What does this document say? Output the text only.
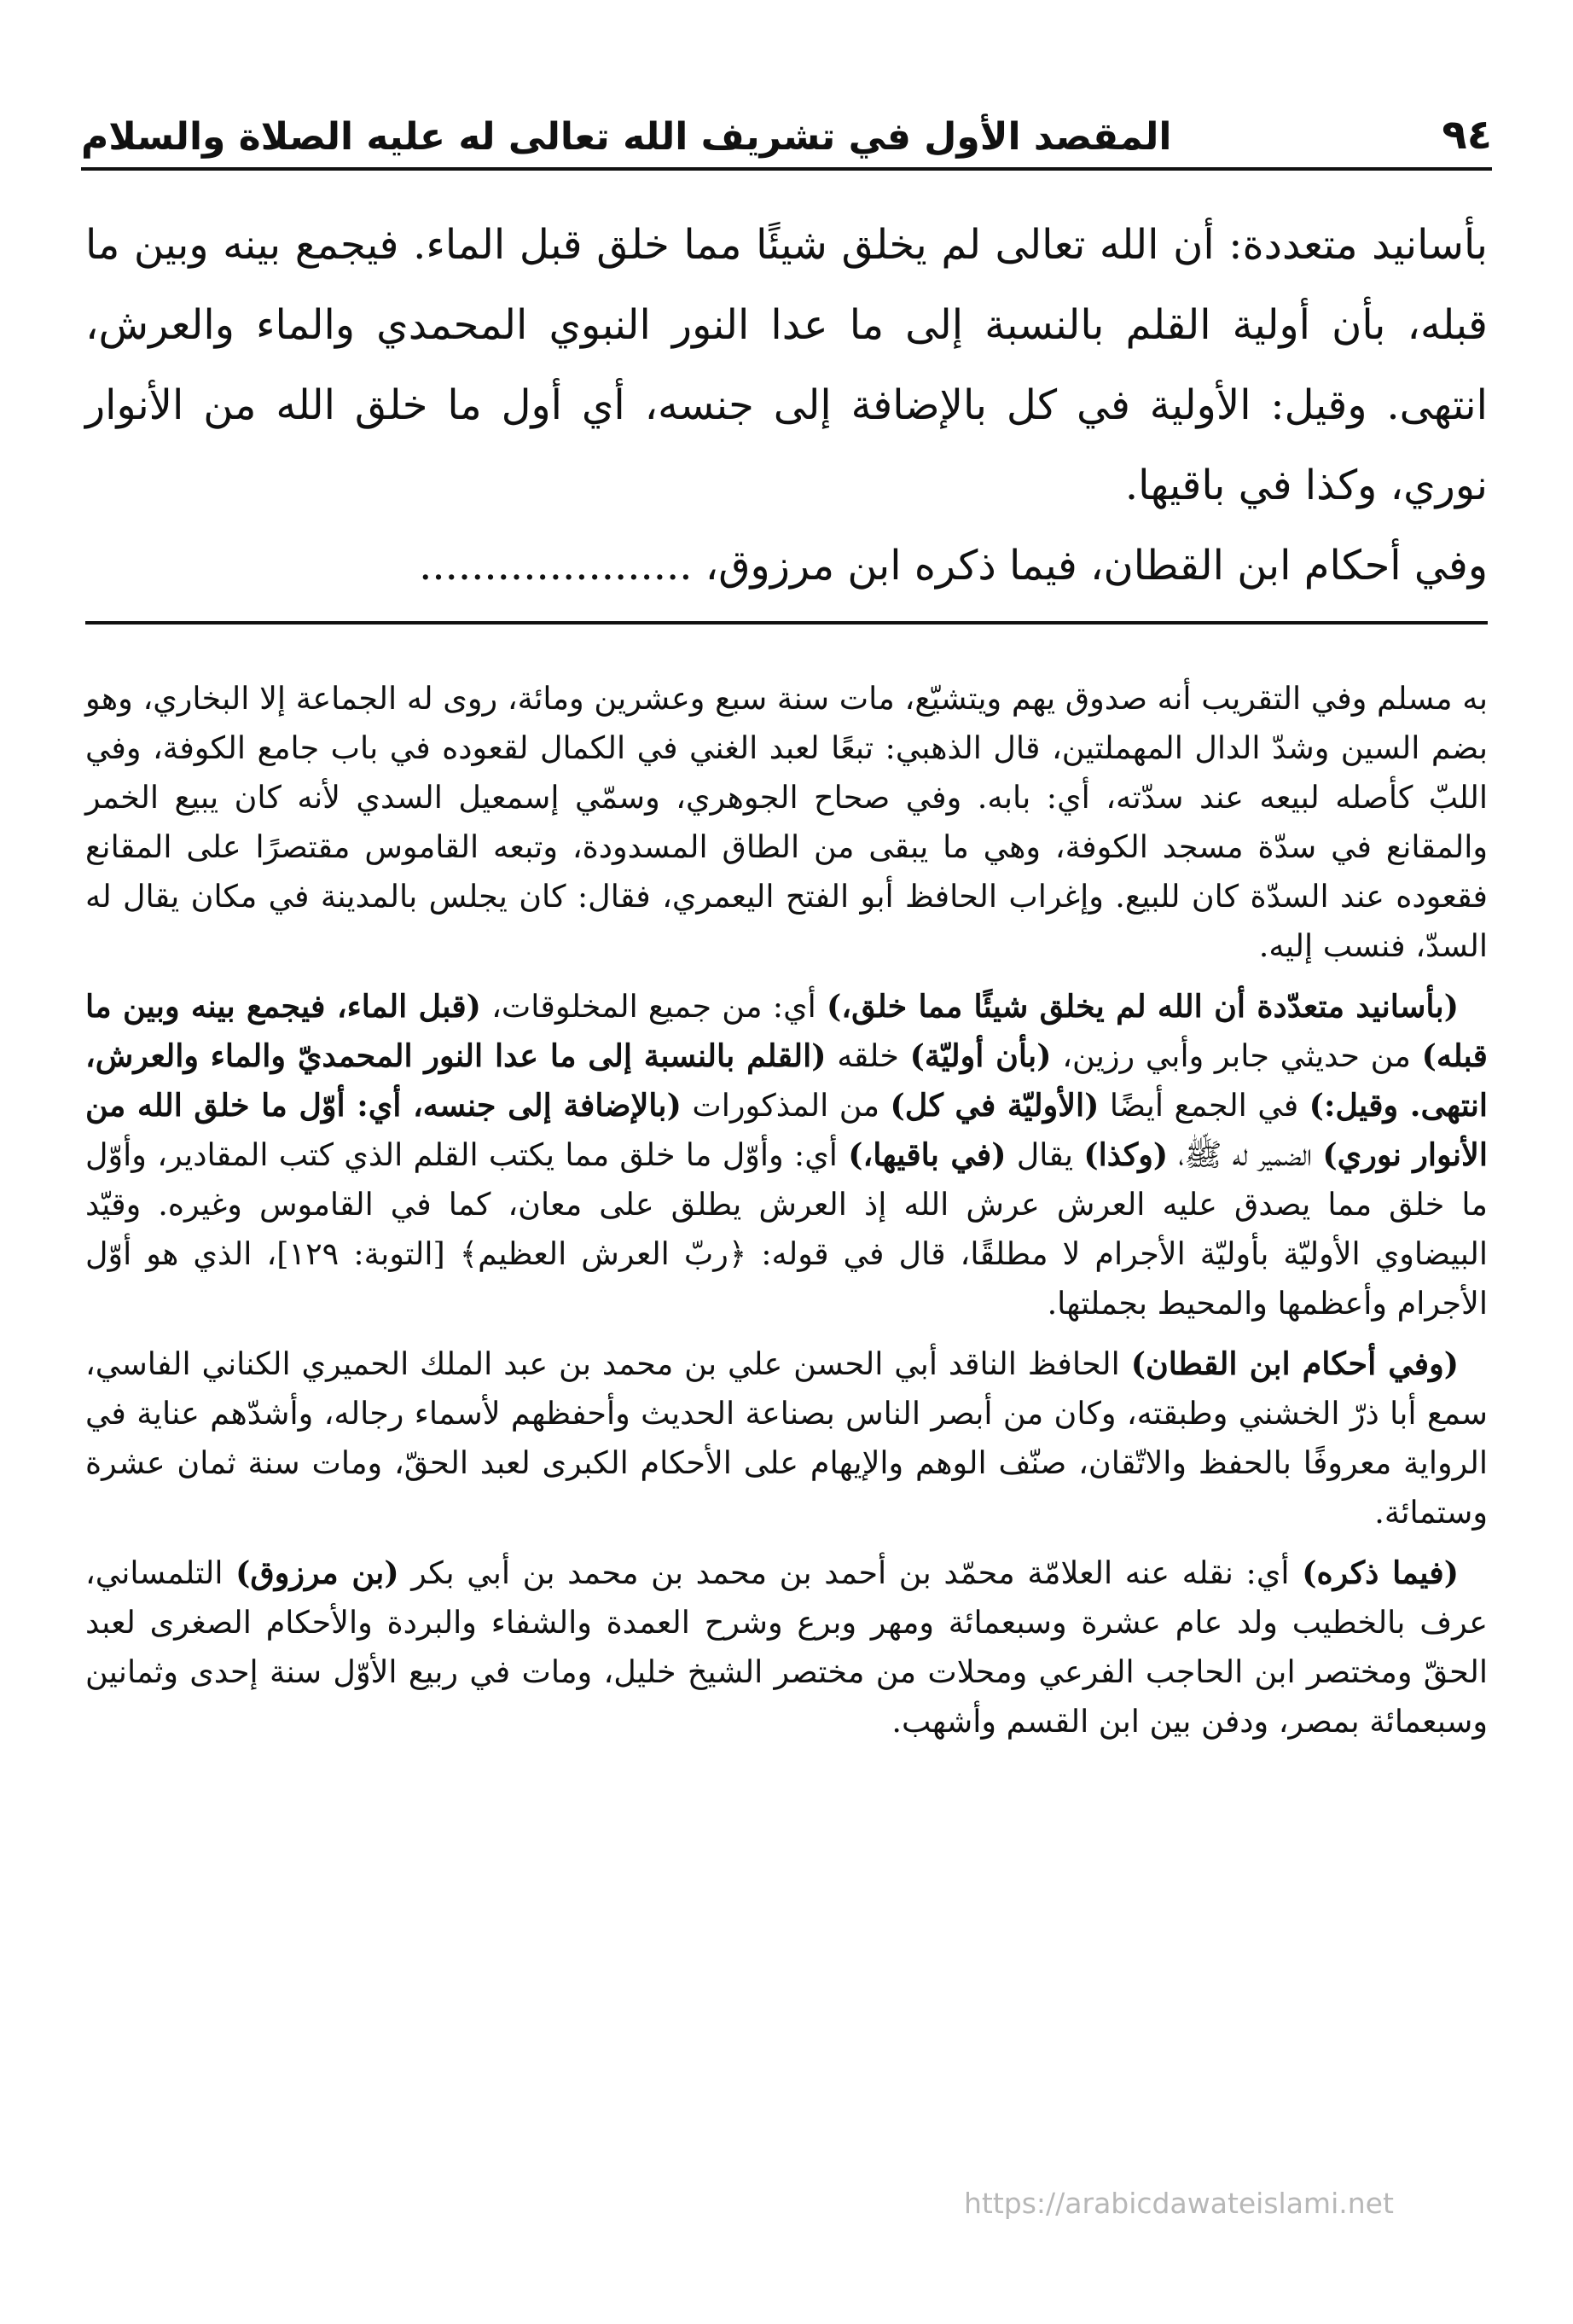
٩٤
المقصد الأول في تشريف الله تعالى له عليه الصلاة والسلام

بأسانيد متعددة: أن الله تعالى لم يخلق شيئًا مما خلق قبل الماء. فيجمع بينه وبين ما قبله، بأن أولية القلم بالنسبة إلى ما عدا النور النبوي المحمدي والماء والعرش، انتهى. وقيل: الأولية في كل بالإضافة إلى جنسه، أي أول ما خلق الله من الأنوار نوري، وكذا في باقيها.

وفي أحكام ابن القطان، فيما ذكره ابن مرزوق، .....................

به مسلم وفي التقريب أنه صدوق يهم ويتشيّع، مات سنة سبع وعشرين ومائة، روى له الجماعة إلا البخاري، وهو بضم السين وشدّ الدال المهملتين، قال الذهبي: تبعًا لعبد الغني في الكمال لقعوده في باب جامع الكوفة، وفي اللبّ كأصله لبيعه عند سدّته، أي: بابه. وفي صحاح الجوهري، وسمّي إسمعيل السدي لأنه كان يبيع الخمر والمقانع في سدّة مسجد الكوفة، وهي ما يبقى من الطاق المسدودة، وتبعه القاموس مقتصرًا على المقانع فقعوده عند السدّة كان للبيع. وإغراب الحافظ أبو الفتح اليعمري، فقال: كان يجلس بالمدينة في مكان يقال له السدّ، فنسب إليه.

(بأسانيد متعدّدة أن الله لم يخلق شيئًا مما خلق،) أي: من جميع المخلوقات، (قبل الماء، فيجمع بينه وبين ما قبله) من حديثي جابر وأبي رزين، (بأن أوليّة) خلقه (القلم بالنسبة إلى ما عدا النور المحمديّ والماء والعرش، انتهى. وقيل:) في الجمع أيضًا (الأوليّة في كل) من المذكورات (بالإضافة إلى جنسه، أي: أوّل ما خلق الله من الأنوار نوري) الضمير له ﷺ، (وكذا) يقال (في باقيها،) أي: وأوّل ما خلق مما يكتب القلم الذي كتب المقادير، وأوّل ما خلق مما يصدق عليه العرش عرش الله إذ العرش يطلق على معان، كما في القاموس وغيره. وقيّد البيضاوي الأوليّة بأوليّة الأجرام لا مطلقًا، قال في قوله: ﴿ربّ العرش العظيم﴾ [التوبة: ١٢٩]، الذي هو أوّل الأجرام وأعظمها والمحيط بجملتها.

(وفي أحكام ابن القطان) الحافظ الناقد أبي الحسن علي بن محمد بن عبد الملك الحميري الكناني الفاسي، سمع أبا ذرّ الخشني وطبقته، وكان من أبصر الناس بصناعة الحديث وأحفظهم لأسماء رجاله، وأشدّهم عناية في الرواية معروفًا بالحفظ والاتّقان، صنّف الوهم والإيهام على الأحكام الكبرى لعبد الحقّ، ومات سنة ثمان عشرة وستمائة.

(فيما ذكره) أي: نقله عنه العلامّة محمّد بن أحمد بن محمد بن محمد بن أبي بكر (بن مرزوق) التلمساني، عرف بالخطيب ولد عام عشرة وسبعمائة ومهر وبرع وشرح العمدة والشفاء والبردة والأحكام الصغرى لعبد الحقّ ومختصر ابن الحاجب الفرعي ومحلات من مختصر الشيخ خليل، ومات في ربيع الأوّل سنة إحدى وثمانين وسبعمائة بمصر، ودفن بين ابن القسم وأشهب.

https://arabicdawateislami.net
